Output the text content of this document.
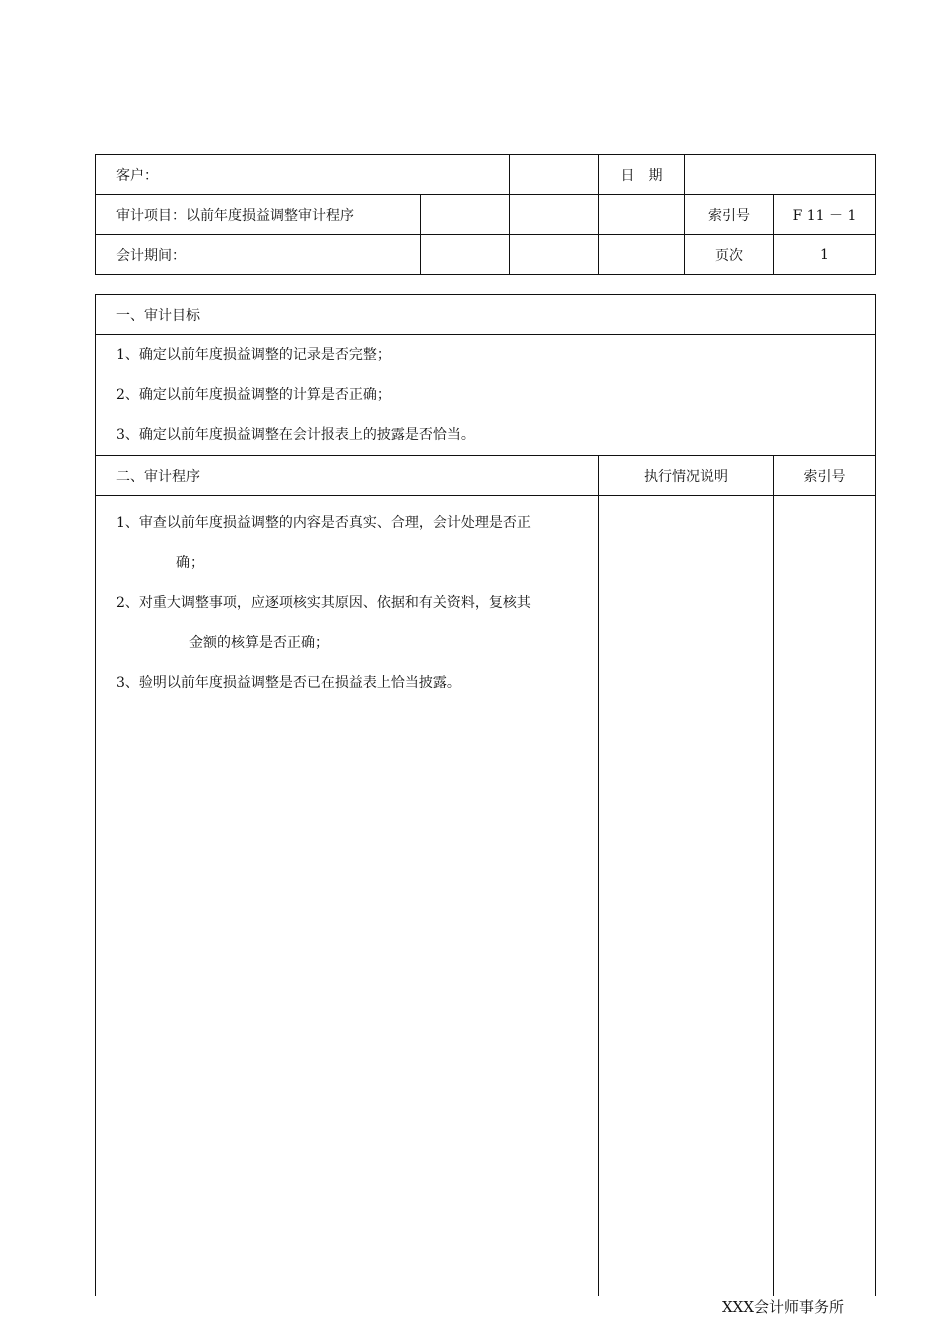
客户：			日　期		
审计项目：以前年度损益调整审计程序				索引号	F 11 － 1
会计期间：				页次	1
一、审计目标		

1、确定以前年度损益调整的记录是否完整；
2、确定以前年度损益调整的计算是否正确；
3、确定以前年度损益调整在会计报表上的披露是否恰当。		

二、审计程序	执行情况说明	索引号

1、审查以前年度损益调整的内容是否真实、合理，会计处理是否正
确；
2、对重大调整事项，应逐项核实其原因、依据和有关资料，复核其
金额的核算是否正确；
3、验明以前年度损益调整是否已在损益表上恰当披露。		

XXX会计师事务所
